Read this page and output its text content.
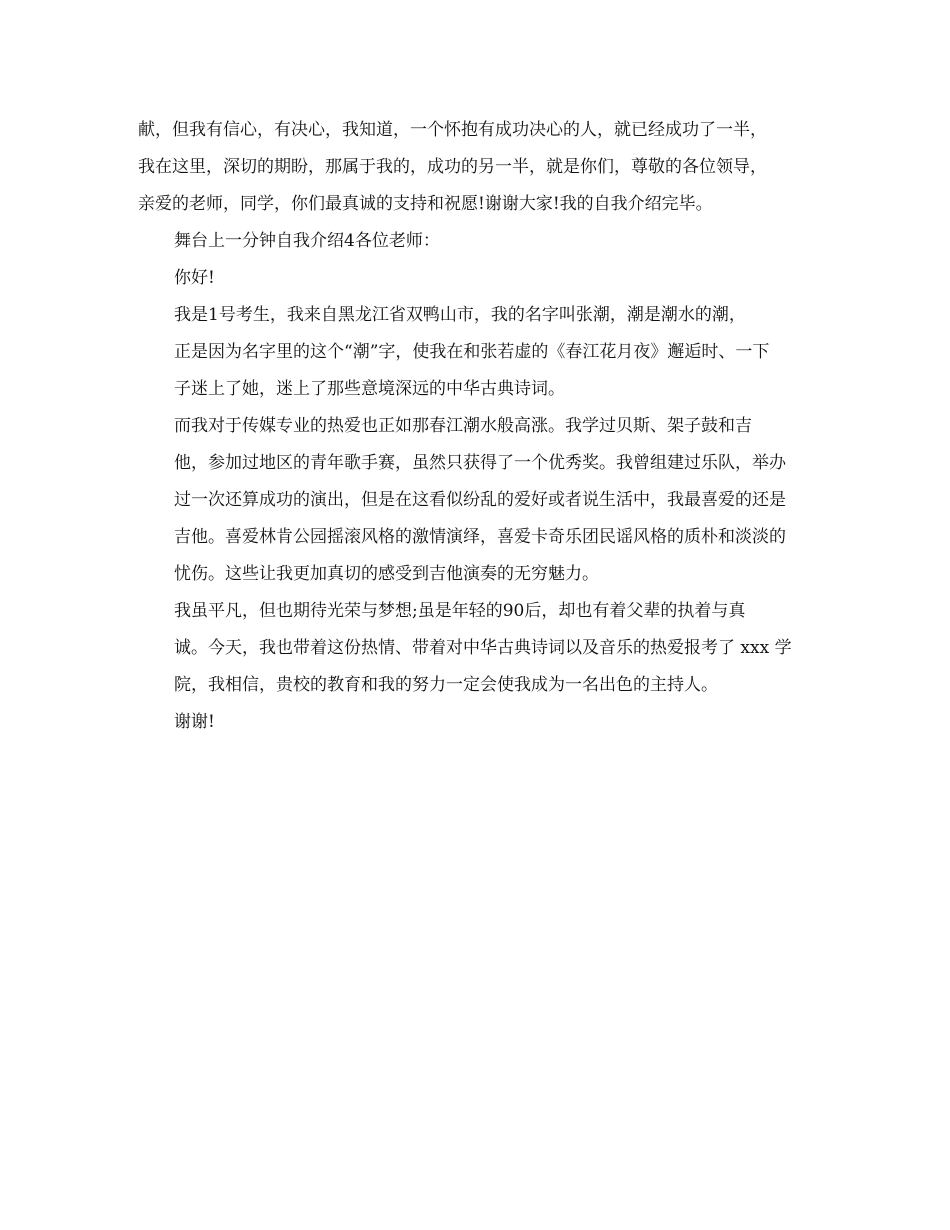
献，但我有信心，有决心，我知道，一个怀抱有成功决心的人，就已经成功了一半，
我在这里，深切的期盼，那属于我的，成功的另一半，就是你们，尊敬的各位领导，
亲爱的老师，同学，你们最真诚的支持和祝愿!谢谢大家!我的自我介绍完毕。

舞台上一分钟自我介绍4各位老师：

你好!

我是1号考生，我来自黑龙江省双鸭山市，我的名字叫张潮，潮是潮水的潮，
正是因为名字里的这个“潮”字，使我在和张若虚的《春江花月夜》邂逅时、一下
子迷上了她，迷上了那些意境深远的中华古典诗词。

而我对于传媒专业的热爱也正如那春江潮水般高涨。我学过贝斯、架子鼓和吉
他，参加过地区的青年歌手赛，虽然只获得了一个优秀奖。我曾组建过乐队，举办
过一次还算成功的演出，但是在这看似纷乱的爱好或者说生活中，我最喜爱的还是
吉他。喜爱林肯公园摇滚风格的激情演绎，喜爱卡奇乐团民谣风格的质朴和淡淡的
忧伤。这些让我更加真切的感受到吉他演奏的无穷魅力。

我虽平凡，但也期待光荣与梦想;虽是年轻的90后，却也有着父辈的执着与真
诚。今天，我也带着这份热情、带着对中华古典诗词以及音乐的热爱报考了 xxx 学
院，我相信，贵校的教育和我的努力一定会使我成为一名出色的主持人。

谢谢!
